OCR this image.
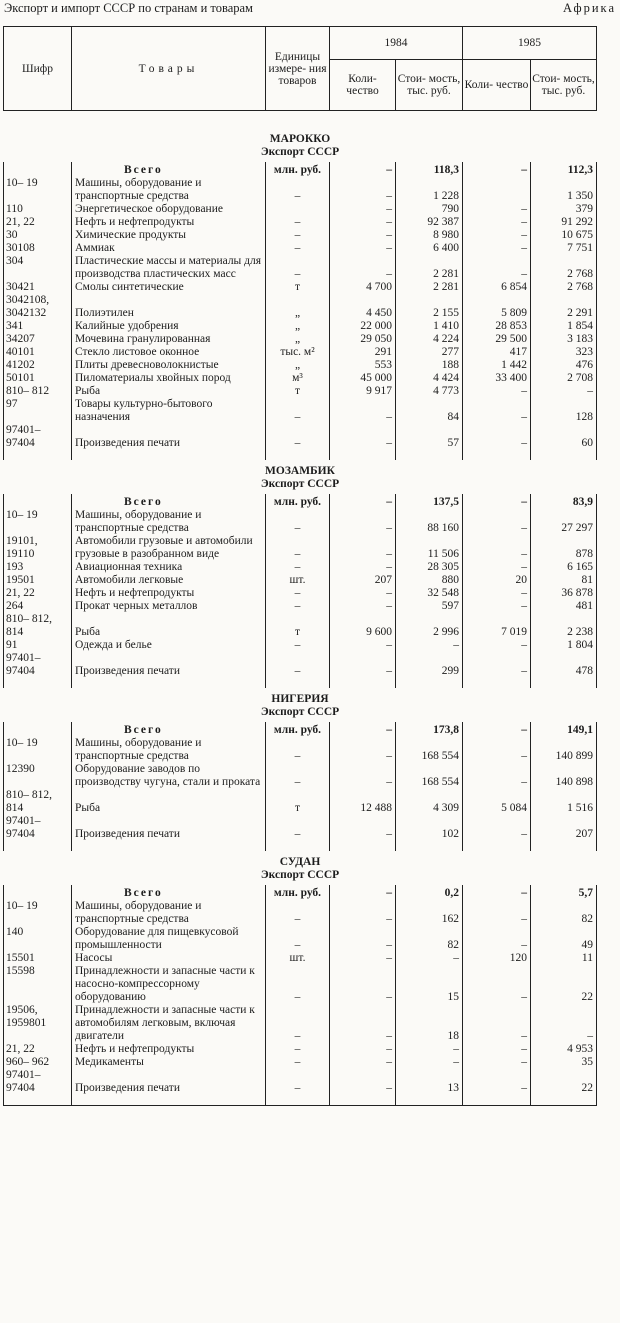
Экспорт и импорт СССР по странам и товарам	Африка
Шифр	Товары	Единицы измере- ния товаров	1984		1985	
			Коли- чество	Стои- мость, тыс. руб.	Коли- чество	Стои- мость, тыс. руб.
МАРОККО						
Экспорт СССР						
	Всего	млн. руб.	–	118,3	–	112,3
10– 19	Машины, оборудование и транспортные средства	–	–	1 228		1 350
110	Энергетическое оборудование		–	790	–	379
21, 22	Нефть и нефтепродукты	–	–	92 387	–	91 292
30	Химические продукты	–	–	8 980	–	10 675
30108	Аммиак	–	–	6 400	–	7 751
304	Пластические массы и материалы для производства пластических масс	–	–	2 281	–	2 768
30421	Смолы синтетические	т	4 700	2 281	6 854	2 768
3042108, 3042132	Полиэтилен	„	4 450	2 155	5 809	2 291
341	Калийные удобрения	„	22 000	1 410	28 853	1 854
34207	Мочевина гранулированная	„	29 050	4 224	29 500	3 183
40101	Стекло листовое оконное	тыс. м²	291	277	417	323
41202	Плиты древесноволокнистые	„	553	188	1 442	476
50101	Пиломатериалы хвойных пород	м³	45 000	4 424	33 400	2 708
810– 812	Рыба	т	9 917	4 773	–	–
97	Товары культурно-бытового назначения	–	–	84	–	128
97401– 97404	Произведения печати	–	–	57	–	60

МОЗАМБИК						
Экспорт СССР						
	Всего	млн. руб.	–	137,5	–	83,9
10– 19	Машины, оборудование и транспортные средства	–	–	88 160	–	27 297
19101, 19110	Автомобили грузовые и автомобили грузовые в разобранном виде	–	–	11 506	–	878
193	Авиационная техника	–	–	28 305	–	6 165
19501	Автомобили легковые	шт.	207	880	20	81
21, 22	Нефть и нефтепродукты	–	–	32 548	–	36 878
264	Прокат черных металлов	–	–	597	–	481
810– 812, 814	Рыба	т	9 600	2 996	7 019	2 238
91	Одежда и белье	–	–	–	–	1 804
97401– 97404	Произведения печати	–	–	299	–	478

НИГЕРИЯ						
Экспорт СССР						
	Всего	млн. руб.	–	173,8	–	149,1
10– 19	Машины, оборудование и транспортные средства	–	–	168 554	–	140 899
12390	Оборудование заводов по производству чугуна, стали и проката	–	–	168 554	–	140 898
810– 812, 814	Рыба	т	12 488	4 309	5 084	1 516
97401– 97404	Произведения печати	–	–	102	–	207

СУДАН						
Экспорт СССР						
	Всего	млн. руб.	–	0,2	–	5,7
10– 19	Машины, оборудование и транспортные средства	–	–	162	–	82
140	Оборудование для пищевкусовой промышленности	–	–	82	–	49
15501	Насосы	шт.	–	–	120	11
15598	Принадлежности и запасные части к насосно-компрессорному оборудованию	–	–	15	–	22
19506, 1959801	Принадлежности и запасные части к автомобилям легковым, включая двигатели	–	–	18	–	–
21, 22	Нефть и нефтепродукты	–	–	–	–	4 953
960– 962	Медикаменты	–	–	–	–	35
97401– 97404	Произведения печати	–	–	13	–	22
